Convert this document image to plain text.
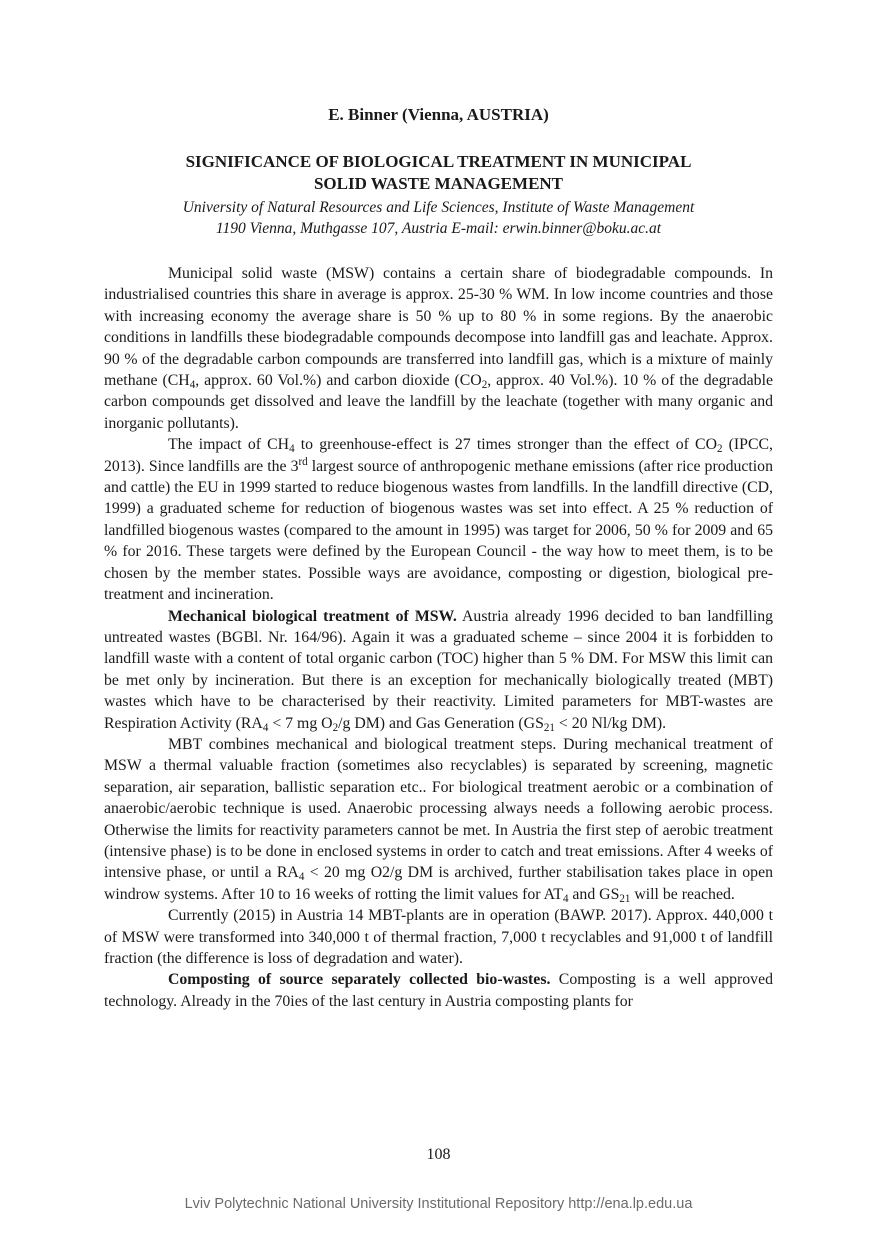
E. Binner (Vienna, AUSTRIA)
SIGNIFICANCE OF BIOLOGICAL TREATMENT IN MUNICIPAL
SOLID WASTE MANAGEMENT
University of Natural Resources and Life Sciences, Institute of Waste Management
1190 Vienna, Muthgasse 107, Austria E-mail: erwin.binner@boku.ac.at

Municipal solid waste (MSW) contains a certain share of biodegradable compounds. In industrialised countries this share in average is approx. 25-30 % WM. In low income countries and those with increasing economy the average share is 50 % up to 80 % in some regions. By the anaerobic conditions in landfills these biodegradable compounds decompose into landfill gas and leachate. Approx. 90 % of the degradable carbon compounds are transferred into landfill gas, which is a mixture of mainly methane ($CH_4$, approx. 60 Vol.%) and carbon dioxide ($CO_2$, approx. 40 Vol.%). 10 % of the degradable carbon compounds get dissolved and leave the landfill by the leachate (together with many organic and inorganic pollutants).

The impact of $CH_4$ to greenhouse-effect is 27 times stronger than the effect of $CO_2$ (IPCC, 2013). Since landfills are the 3rd largest source of anthropogenic methane emissions (after rice production and cattle) the EU in 1999 started to reduce biogenous wastes from landfills. In the landfill directive (CD, 1999) a graduated scheme for reduction of biogenous wastes was set into effect. A 25 % reduction of landfilled biogenous wastes (compared to the amount in 1995) was target for 2006, 50 % for 2009 and 65 % for 2016. These targets were defined by the European Council - the way how to meet them, is to be chosen by the member states. Possible ways are avoidance, composting or digestion, biological pre-treatment and incineration.

Mechanical biological treatment of MSW. Austria already 1996 decided to ban landfilling untreated wastes (BGBl. Nr. 164/96). Again it was a graduated scheme – since 2004 it is forbidden to landfill waste with a content of total organic carbon (TOC) higher than 5 % DM. For MSW this limit can be met only by incineration. But there is an exception for mechanically biologically treated (MBT) wastes which have to be characterised by their reactivity. Limited parameters for MBT-wastes are Respiration Activity ($RA_4 < 7$ mg $O_2/g$ DM) and Gas Generation ($GS_{21} < 20$ Nl/kg DM).

MBT combines mechanical and biological treatment steps. During mechanical treatment of MSW a thermal valuable fraction (sometimes also recyclables) is separated by screening, magnetic separation, air separation, ballistic separation etc.. For biological treatment aerobic or a combination of anaerobic/aerobic technique is used. Anaerobic processing always needs a following aerobic process. Otherwise the limits for reactivity parameters cannot be met. In Austria the first step of aerobic treatment (intensive phase) is to be done in enclosed systems in order to catch and treat emissions. After 4 weeks of intensive phase, or until a $RA_4 < 20$ mg O2/g DM is archived, further stabilisation takes place in open windrow systems. After 10 to 16 weeks of rotting the limit values for $AT_4$ and $GS_{21}$ will be reached.

Currently (2015) in Austria 14 MBT-plants are in operation (BAWP. 2017). Approx. 440,000 t of MSW were transformed into 340,000 t of thermal fraction, 7,000 t recyclables and 91,000 t of landfill fraction (the difference is loss of degradation and water).

Composting of source separately collected bio-wastes. Composting is a well approved technology. Already in the 70ies of the last century in Austria composting plants for

108
Lviv Polytechnic National University Institutional Repository http://ena.lp.edu.ua
